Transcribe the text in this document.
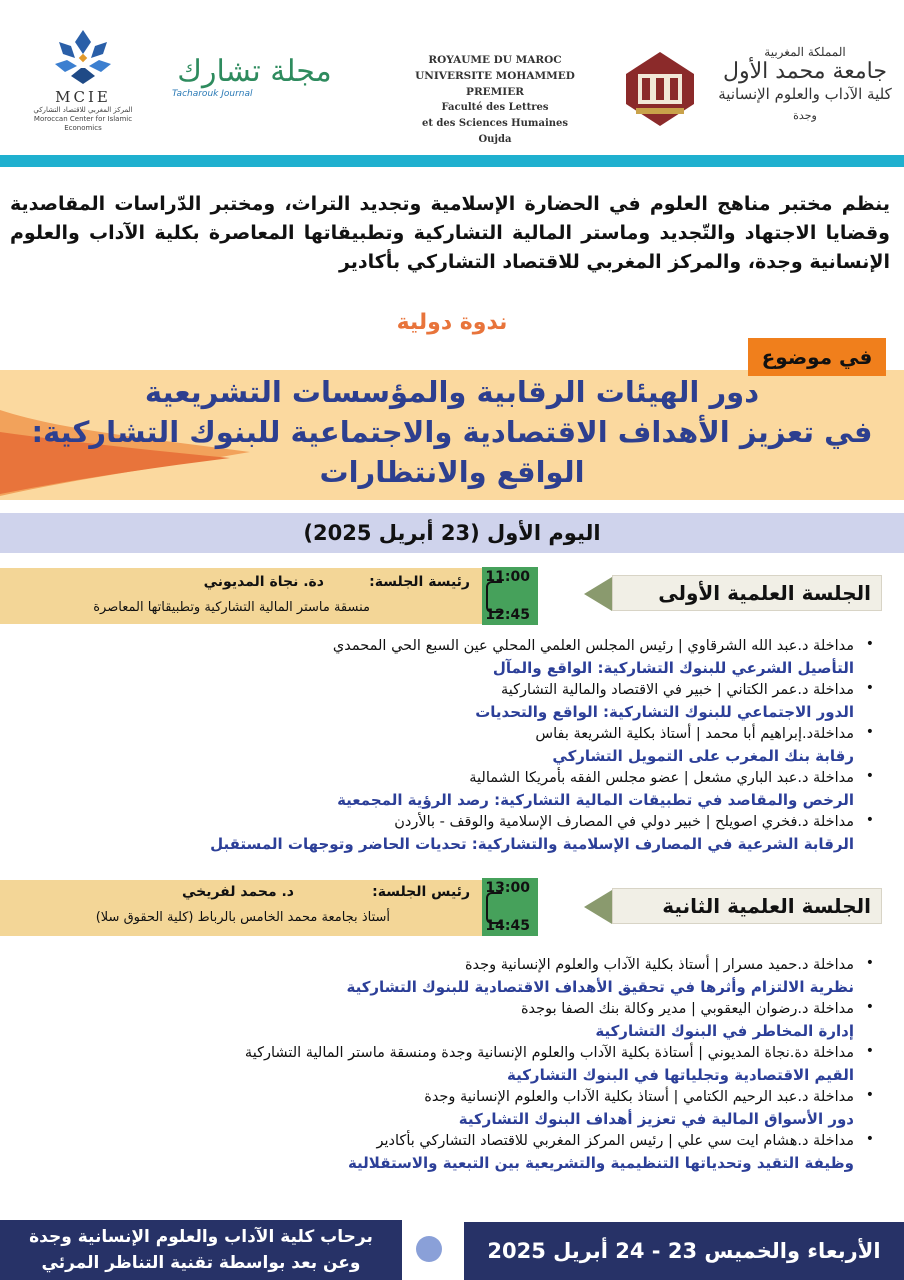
MCIE
المركز المغربي للاقتصاد التشاركي
Moroccan Center for Islamic Economics
مجلة تشارك
Tacharouk Journal
ROYAUME DU MAROC
UNIVERSITE MOHAMMED PREMIER
Faculté des Lettres
et des Sciences Humaines
Oujda
المملكة المغربية
جامعة محمد الأول
كلية الآداب والعلوم الإنسانية
وجدة
ينظم مختبر مناهج العلوم في الحضارة الإسلامية وتجديد التراث، ومختبر الدّراسات المقاصدية وقضايا الاجتهاد والتّجديد وماستر المالية التشاركية وتطبيقاتها المعاصرة بكلية الآداب والعلوم الإنسانية وجدة، والمركز المغربي للاقتصاد التشاركي بأكادير
ندوة دولية
في موضوع
دور الهيئات الرقابية والمؤسسات التشريعية
في تعزيز الأهداف الاقتصادية والاجتماعية للبنوك التشاركية:
الواقع والانتظارات
اليوم الأول (23 أبريل 2025)
رئيسة الجلسة:
دة. نجاة المديوني
منسقة ماستر المالية التشاركية وتطبيقاتها المعاصرة
11:00
12:45
الجلسة العلمية الأولى
•
مداخلة د.عبد الله الشرقاوي | رئيس المجلس العلمي المحلي عين السبع الحي المحمدي
التأصيل الشرعي للبنوك التشاركية: الواقع والمآل
•
مداخلة د.عمر الكتاني | خبير في الاقتصاد والمالية التشاركية
الدور الاجتماعي للبنوك التشاركية: الواقع والتحديات
•
مداخلةد.إبراهيم أبا محمد | أستاذ بكلية الشريعة بفاس
رقابة بنك المغرب على التمويل التشاركي
•
مداخلة د.عبد الباري مشعل | عضو مجلس الفقه بأمريكا الشمالية
الرخص والمقاصد في تطبيقات المالية التشاركية: رصد الرؤية المجمعية
•
مداخلة د.فخري اصويلح | خبير دولي في المصارف الإسلامية والوقف - بالأردن
الرقابة الشرعية في المصارف الإسلامية والتشاركية: تحديات الحاضر وتوجهات المستقبل
رئيس الجلسة:
د. محمد لفريخي
أستاذ بجامعة محمد الخامس بالرباط (كلية الحقوق سلا)
13:00
14:45
الجلسة العلمية الثانية
•
مداخلة د.حميد مسرار | أستاذ بكلية الآداب والعلوم الإنسانية وجدة
نظرية الالتزام وأثرها في تحقيق الأهداف الاقتصادية للبنوك التشاركية
•
مداخلة د.رضوان اليعقوبي | مدير وكالة بنك الصفا بوجدة
إدارة المخاطر في البنوك التشاركية
•
مداخلة دة.نجاة المديوني | أستاذة بكلية الآداب والعلوم الإنسانية وجدة ومنسقة ماستر المالية التشاركية
القيم الاقتصادية وتجلياتها في البنوك التشاركية
•
مداخلة د.عبد الرحيم الكتامي | أستاذ بكلية الآداب والعلوم الإنسانية وجدة
دور الأسواق المالية في تعزيز أهداف البنوك التشاركية
•
مداخلة د.هشام ايت سي علي | رئيس المركز المغربي للاقتصاد التشاركي بأكادير
وظيفة التقيد وتحدياتها التنظيمية والتشريعية بين التبعية والاستقلالية
برحاب كلية الآداب والعلوم الإنسانية وجدة
وعن بعد بواسطة تقنية التناظر المرئي	الأربعاء والخميس 23 - 24 أبريل 2025
